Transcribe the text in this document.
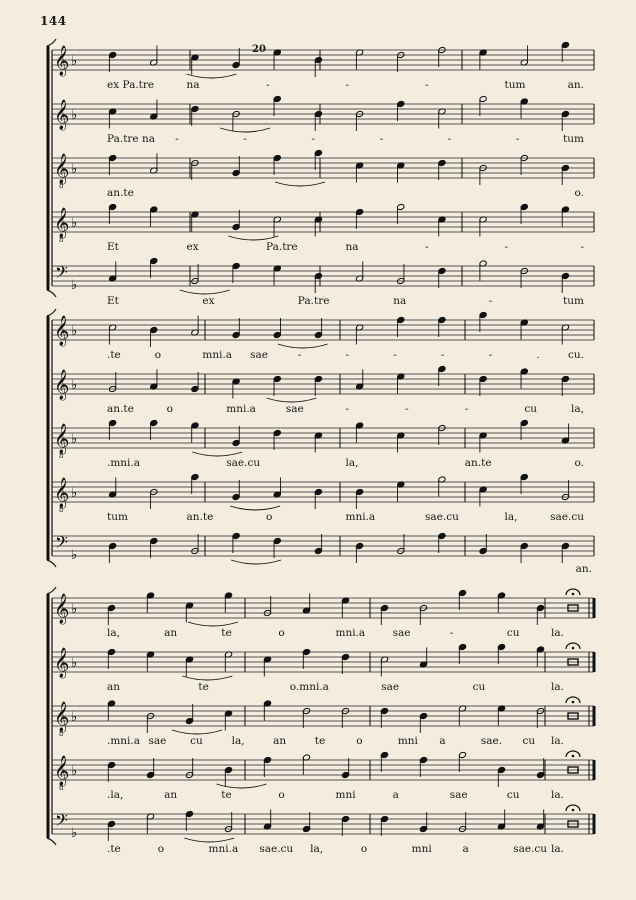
144
20
𝄞 ♭
ex Pa.tre	na	-	-	-	tum	an.
𝄞 ♭
Pa.tre na -	-	-	-	-	-	tum
𝄞
8
♭
an.te	o.
𝄞
8
♭
Et	ex	Pa.tre	na	-	-	-
𝄢 ♭
Et	ex	Pa.tre	na	-	tum
𝄞 ♭
.te	o	mni.a sae	-	-	-	-	-	.	cu.
𝄞 ♭
an.te	o	mni.a	sae	-	-	-	cu	la,
𝄞
8
♭
.mni.a	sae.cu	la,	an.te	o.
𝄞
8
♭
tum	an.te	o	mni.a	sae.cu	la,	sae.cu
𝄢 ♭
an.
𝄞 ♭
la,	an	te	o	mni.a	sae	-	cu	la.
𝄞 ♭
an	te	o.mni.a	sae	cu	la.
𝄞
8
♭
.mni.a sae cu	la,	an	te	o	mni a	sae. cu la.
𝄞
8
♭
.la,	an	te	o	mni	a	sae	cu	la.
𝄢 ♭
.te	o	mni.a sae.cu la,	o	mni	a	sae.cu la.
